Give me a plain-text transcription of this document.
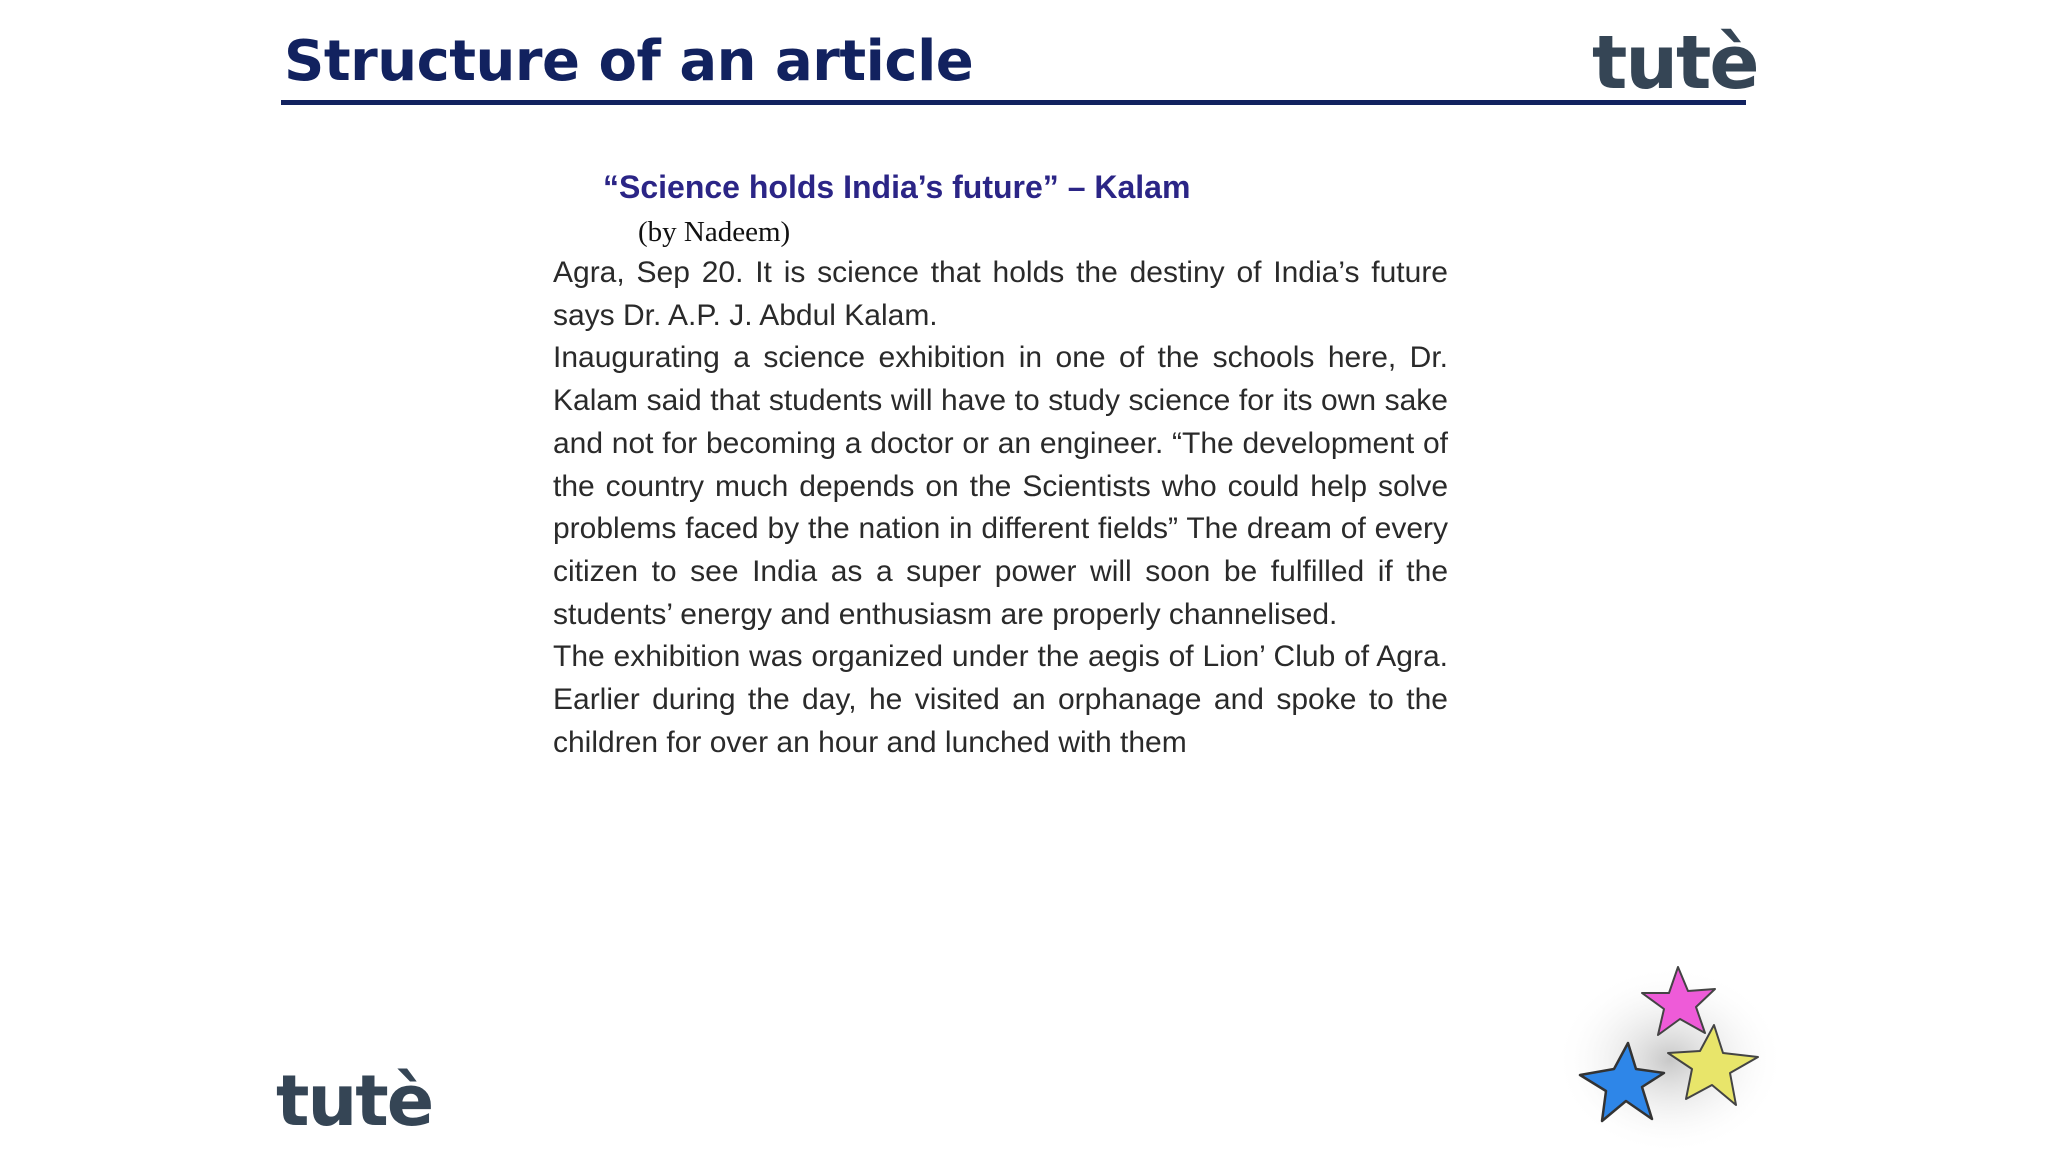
Structure of an article	tutè
“Science holds India’s future” – Kalam
(by Nadeem)

Agra, Sep 20. It is science that holds the destiny of India’s future says Dr. A.P. J. Abdul Kalam.

Inaugurating a science exhibition in one of the schools here, Dr. Kalam said that students will have to study science for its own sake and not for becoming a doctor or an engineer. “The development of the country much depends on the Scientists who could help solve problems faced by the nation in different fields” The dream of every citizen to see India as a super power will soon be fulfilled if the students’ energy and enthusiasm are properly channelised.

The exhibition was organized under the aegis of Lion’ Club of Agra. Earlier during the day, he visited an orphanage and spoke to the children for over an hour and lunched with them

tutè
